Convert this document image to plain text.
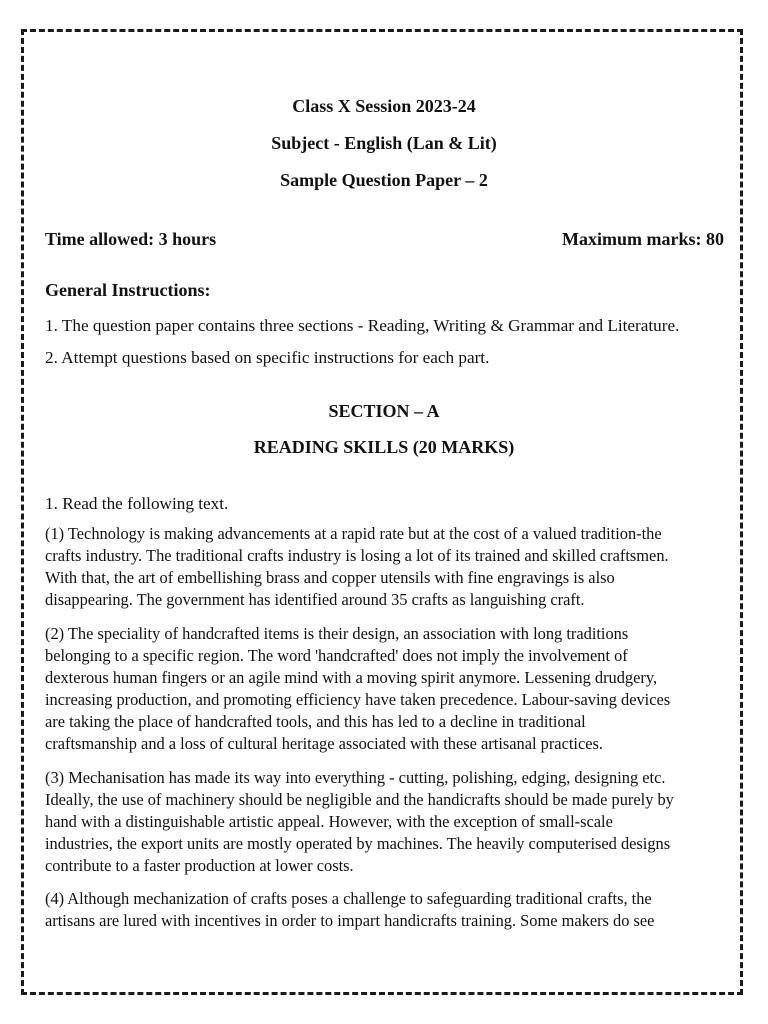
Class X Session 2023-24
Subject - English (Lan & Lit)
Sample Question Paper – 2
Time allowed: 3 hours	Maximum marks: 80
General Instructions:
1. The question paper contains three sections - Reading, Writing & Grammar and Literature.
2. Attempt questions based on specific instructions for each part.
SECTION – A
READING SKILLS (20 MARKS)
1. Read the following text.
(1) Technology is making advancements at a rapid rate but at the cost of a valued tradition-the
crafts industry. The traditional crafts industry is losing a lot of its trained and skilled craftsmen.
With that, the art of embellishing brass and copper utensils with fine engravings is also
disappearing. The government has identified around 35 crafts as languishing craft.
(2) The speciality of handcrafted items is their design, an association with long traditions
belonging to a specific region. The word 'handcrafted' does not imply the involvement of
dexterous human fingers or an agile mind with a moving spirit anymore. Lessening drudgery,
increasing production, and promoting efficiency have taken precedence. Labour-saving devices
are taking the place of handcrafted tools, and this has led to a decline in traditional
craftsmanship and a loss of cultural heritage associated with these artisanal practices.
(3) Mechanisation has made its way into everything - cutting, polishing, edging, designing etc.
Ideally, the use of machinery should be negligible and the handicrafts should be made purely by
hand with a distinguishable artistic appeal. However, with the exception of small-scale
industries, the export units are mostly operated by machines. The heavily computerised designs
contribute to a faster production at lower costs.
(4) Although mechanization of crafts poses a challenge to safeguarding traditional crafts, the
artisans are lured with incentives in order to impart handicrafts training. Some makers do see
